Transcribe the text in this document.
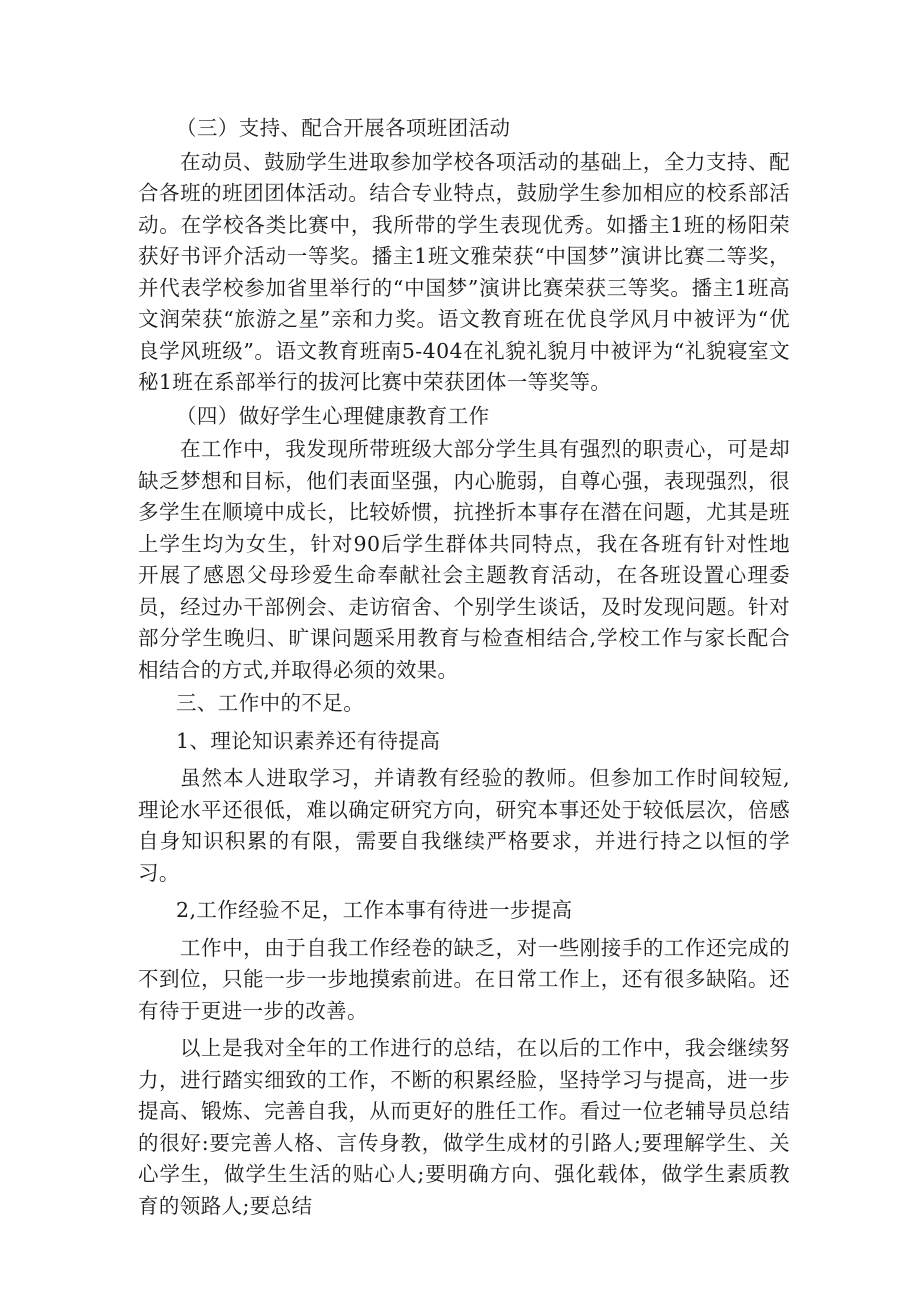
（三）支持、配合开展各项班团活动

在动员、鼓励学生进取参加学校各项活动的基础上，全力支持、配合各班的班团团体活动。结合专业特点，鼓励学生参加相应的校系部活动。在学校各类比赛中，我所带的学生表现优秀。如播主1班的杨阳荣获好书评介活动一等奖。播主1班文雅荣获“中国梦”演讲比赛二等奖，并代表学校参加省里举行的“中国梦”演讲比赛荣获三等奖。播主1班高文润荣获“旅游之星”亲和力奖。语文教育班在优良学风月中被评为“优良学风班级”。语文教育班南5-404在礼貌礼貌月中被评为“礼貌寝室文秘1班在系部举行的拔河比赛中荣获团体一等奖等。

（四）做好学生心理健康教育工作

在工作中，我发现所带班级大部分学生具有强烈的职责心，可是却缺乏梦想和目标，他们表面坚强，内心脆弱，自尊心强，表现强烈，很多学生在顺境中成长，比较娇惯，抗挫折本事存在潜在问题，尤其是班上学生均为女生，针对90后学生群体共同特点，我在各班有针对性地开展了感恩父母珍爱生命奉献社会主题教育活动，在各班设置心理委员，经过办干部例会、走访宿舍、个别学生谈话，及时发现问题。针对部分学生晚归、旷课问题采用教育与检查相结合,学校工作与家长配合相结合的方式,并取得必须的效果。

三、工作中的不足。

1、理论知识素养还有待提高

虽然本人进取学习，并请教有经验的教师。但参加工作时间较短,理论水平还很低，难以确定研究方向，研究本事还处于较低层次，倍感自身知识积累的有限，需要自我继续严格要求，并进行持之以恒的学习。

2,工作经验不足，工作本事有待进一步提高

工作中，由于自我工作经卷的缺乏，对一些刚接手的工作还完成的不到位，只能一步一步地摸索前进。在日常工作上，还有很多缺陷。还有待于更进一步的改善。

以上是我对全年的工作进行的总结，在以后的工作中，我会继续努力，进行踏实细致的工作，不断的积累经脸，坚持学习与提高，进一步提高、锻炼、完善自我，从而更好的胜任工作。看过一位老辅导员总结的很好:要完善人格、言传身教，做学生成材的引路人;要理解学生、关心学生，做学生生活的贴心人;要明确方向、强化载体，做学生素质教育的领路人;要总结
